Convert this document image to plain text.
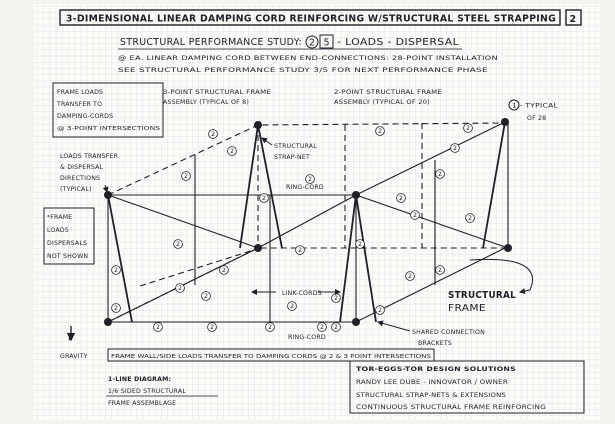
3-DIMENSIONAL LINEAR DAMPING CORD REINFORCING W/STRUCTURAL STEEL STRAPPING 2
STRUCTURAL PERFORMANCE STUDY: 2 5 - LOADS - DISPERSAL
@ EA. LINEAR DAMPING CORD BETWEEN END-CONNECTIONS: 28-POINT INSTALLATION
SEE STRUCTURAL PERFORMANCE STUDY 3/5 FOR NEXT PERFORMANCE PHASE
FRAME LOADS
TRANSFER TO
DAMPING-CORDS
@ 3-POINT INTERSECTIONS
LOADS TRANSFER
& DISPERSAL
DIRECTIONS
(TYPICAL)
*FRAME
LOADS
DISPERSALS
NOT SHOWN
3-POINT STRUCTURAL FRAME
ASSEMBLY (TYPICAL OF 8)
2-POINT STRUCTURAL FRAME
ASSEMBLY (TYPICAL OF 20)	1 - TYPICAL
OF 28
2
2
2	2
2
2
2
2
2
2
2
2
2
2
2
2
2
2
2
2
2
2
2	2	2	2 2
2
2
2
STRUCTURAL
STRAP-NET
RING-CORD
LINK-CORDS
RING-CORD
STRUCTURAL
FRAME
SHARED CONNECTION
BRACKETS
I
GRAVITY	FRAME WALL/SIDE LOADS TRANSFER TO DAMPING CORDS @ 2 & 3 POINT INTERSECTIONS
1-LINE DIAGRAM:
1/6 SIDED STRUCTURAL
FRAME ASSEMBLAGE
TOR-EGGS-TOR DESIGN SOLUTIONS
RANDY LEE DUBE - INNOVATOR / OWNER
STRUCTURAL STRAP-NETS & EXTENSIONS
CONTINUOUS STRUCTURAL FRAME REINFORCING
